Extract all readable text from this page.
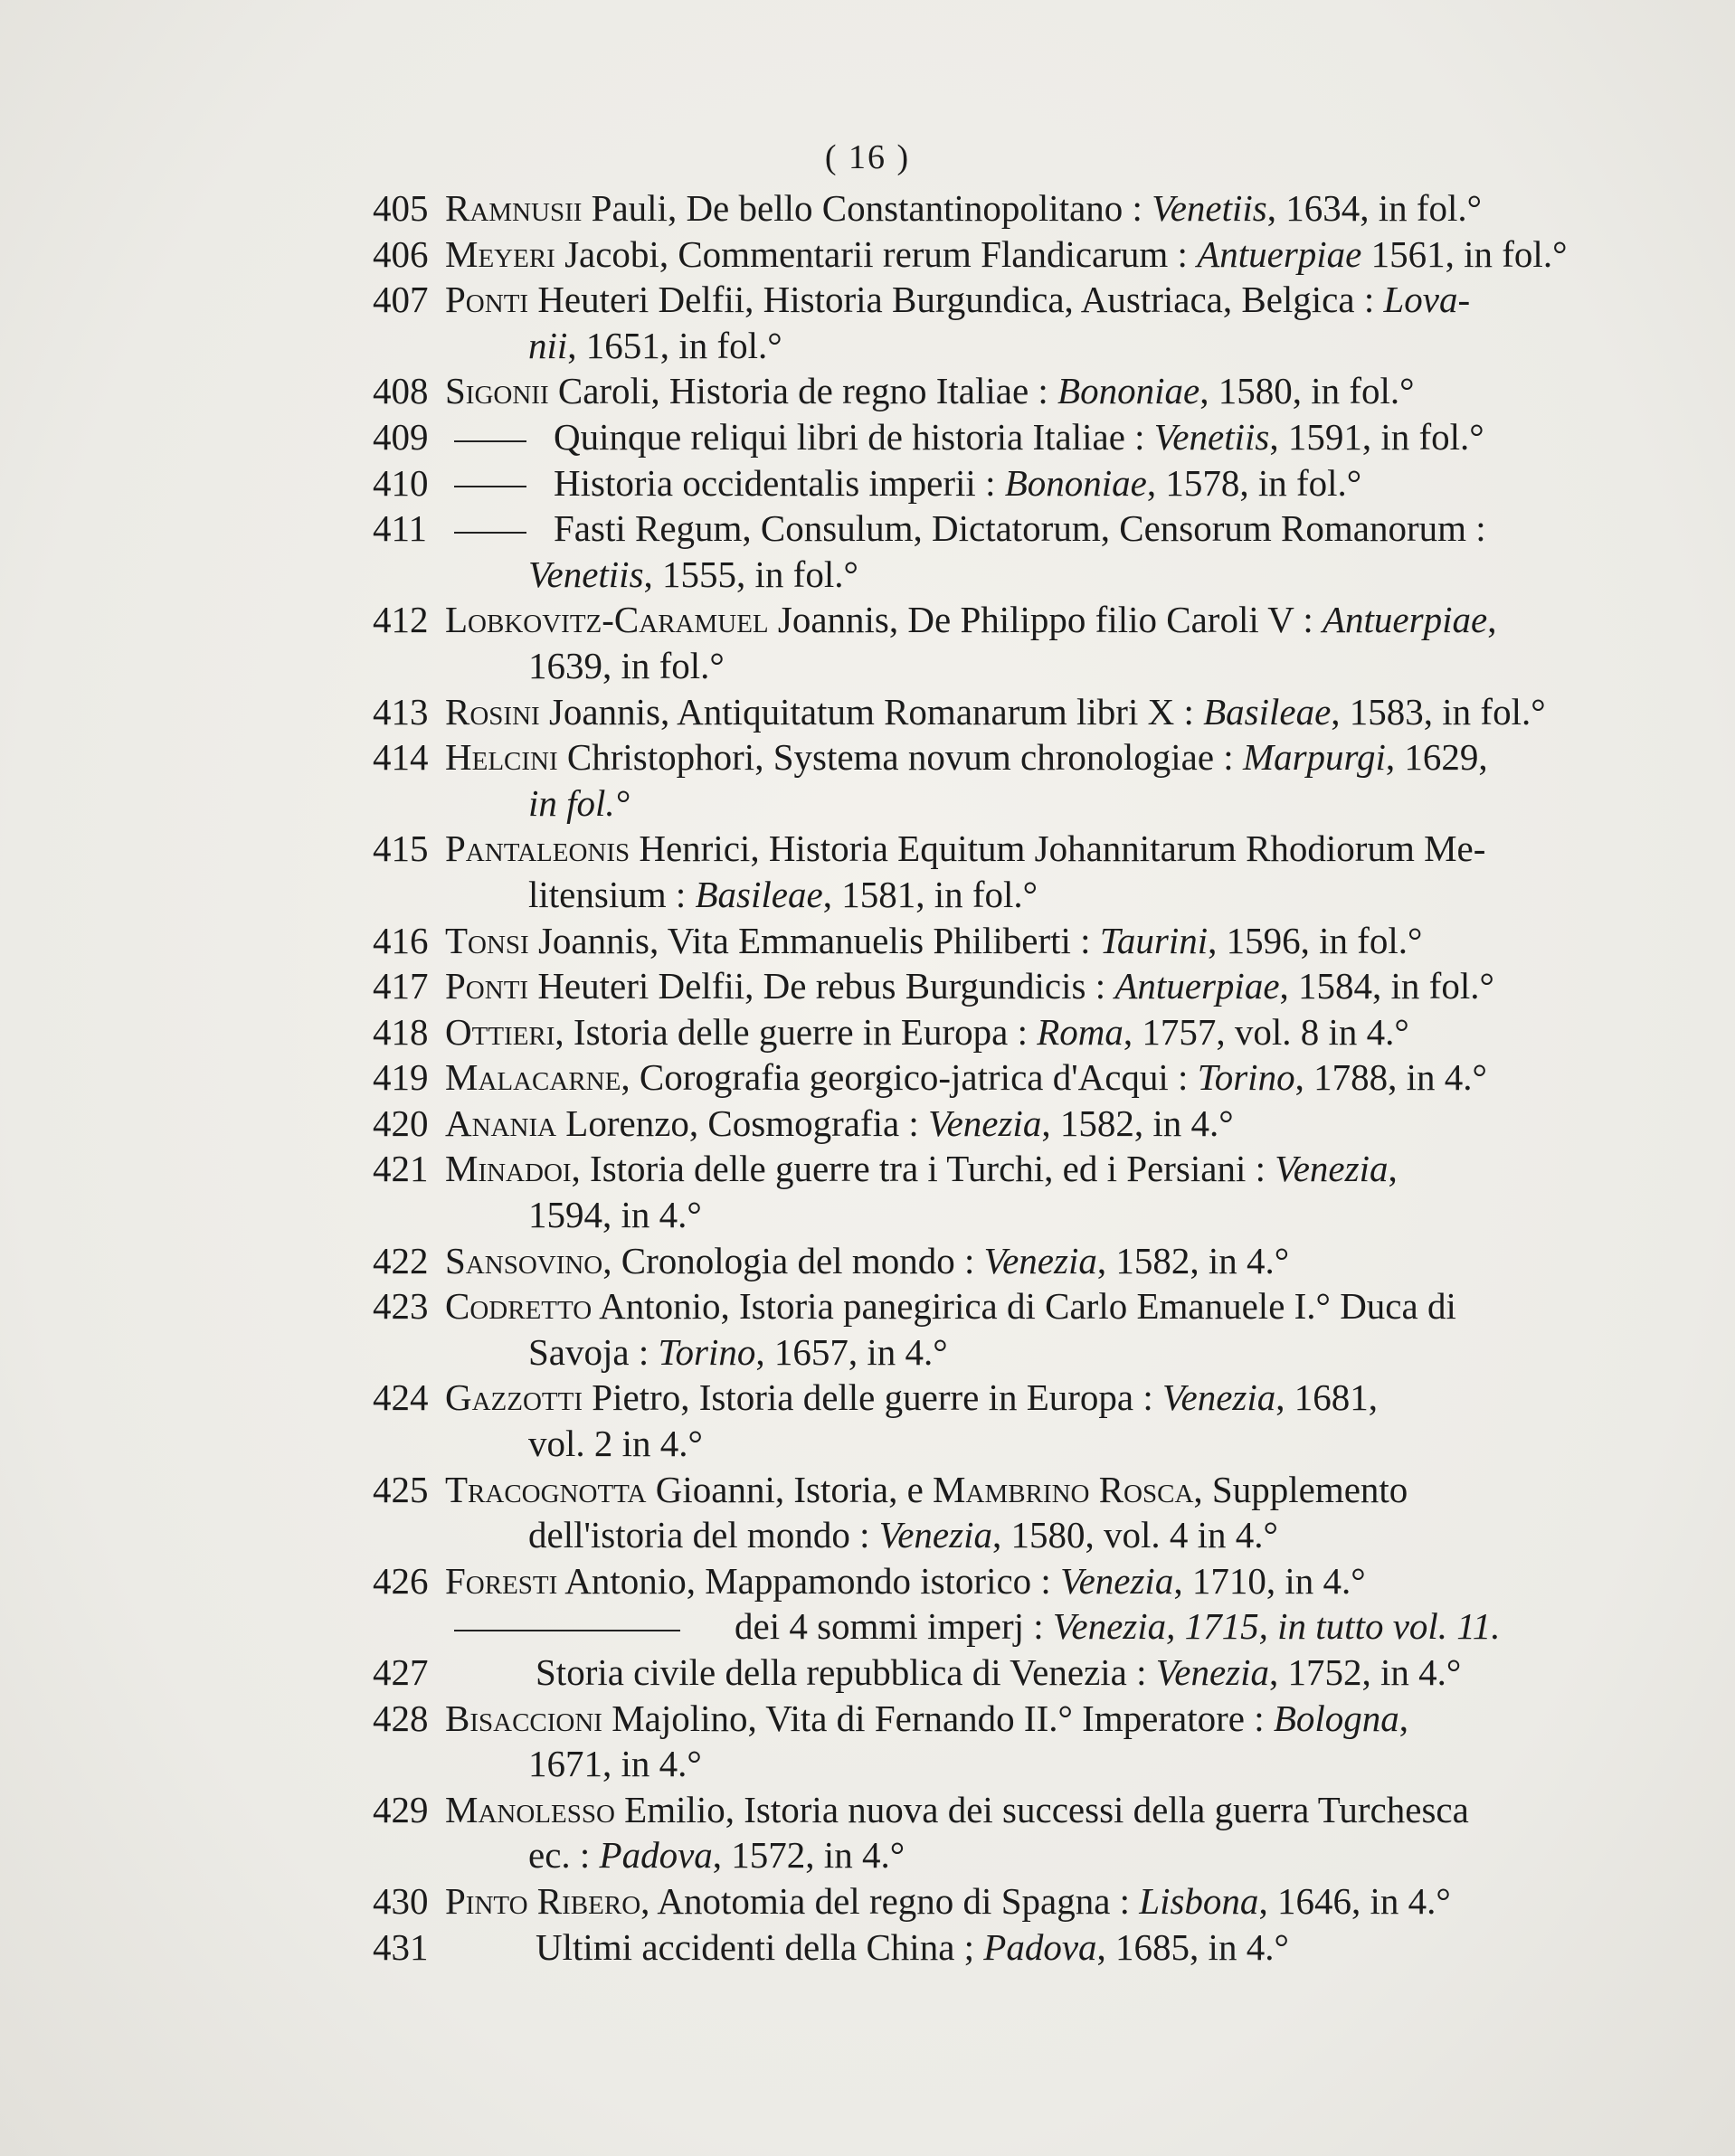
( 16 )
405 Ramnusii Pauli, De bello Constantinopolitano : Venetiis, 1634, in fol.°
406 Meyeri Jacobi, Commentarii rerum Flandicarum : Antuerpiae 1561, in fol.°
407 Ponti Heuteri Delfii, Historia Burgundica, Austriaca, Belgica : Lova-
nii, 1651, in fol.°
408 Sigonii Caroli, Historia de regno Italiae : Bononiae, 1580, in fol.°
409	Quinque reliqui libri de historia Italiae : Venetiis, 1591, in fol.°
410	Historia occidentalis imperii : Bononiae, 1578, in fol.°
411	Fasti Regum, Consulum, Dictatorum, Censorum Romanorum :
Venetiis, 1555, in fol.°
412 Lobkovitz-Caramuel Joannis, De Philippo filio Caroli V : Antuerpiae,
1639, in fol.°
413 Rosini Joannis, Antiquitatum Romanarum libri X : Basileae, 1583, in fol.°
414 Helcini Christophori, Systema novum chronologiae : Marpurgi, 1629,
in fol.°
415 Pantaleonis Henrici, Historia Equitum Johannitarum Rhodiorum Me-
litensium : Basileae, 1581, in fol.°
416 Tonsi Joannis, Vita Emmanuelis Philiberti : Taurini, 1596, in fol.°
417 Ponti Heuteri Delfii, De rebus Burgundicis : Antuerpiae, 1584, in fol.°
418 Ottieri, Istoria delle guerre in Europa : Roma, 1757, vol. 8 in 4.°
419 Malacarne, Corografia georgico-jatrica d'Acqui : Torino, 1788, in 4.°
420 Anania Lorenzo, Cosmografia : Venezia, 1582, in 4.°
421 Minadoi, Istoria delle guerre tra i Turchi, ed i Persiani : Venezia,
1594, in 4.°
422 Sansovino, Cronologia del mondo : Venezia, 1582, in 4.°
423 Codretto Antonio, Istoria panegirica di Carlo Emanuele I.° Duca di
Savoja : Torino, 1657, in 4.°
424 Gazzotti Pietro, Istoria delle guerre in Europa : Venezia, 1681,
vol. 2 in 4.°
425 Tracognotta Gioanni, Istoria, e Mambrino Rosca, Supplemento
dell'istoria del mondo : Venezia, 1580, vol. 4 in 4.°
426 Foresti Antonio, Mappamondo istorico : Venezia, 1710, in 4.°
dei 4 sommi imperj : Venezia, 1715, in tutto vol. 11.
427	Storia civile della repubblica di Venezia : Venezia, 1752, in 4.°
428 Bisaccioni Majolino, Vita di Fernando II.° Imperatore : Bologna,
1671, in 4.°
429 Manolesso Emilio, Istoria nuova dei successi della guerra Turchesca
ec. : Padova, 1572, in 4.°
430 Pinto Ribero, Anotomia del regno di Spagna : Lisbona, 1646, in 4.°
431	Ultimi accidenti della China ; Padova, 1685, in 4.°
